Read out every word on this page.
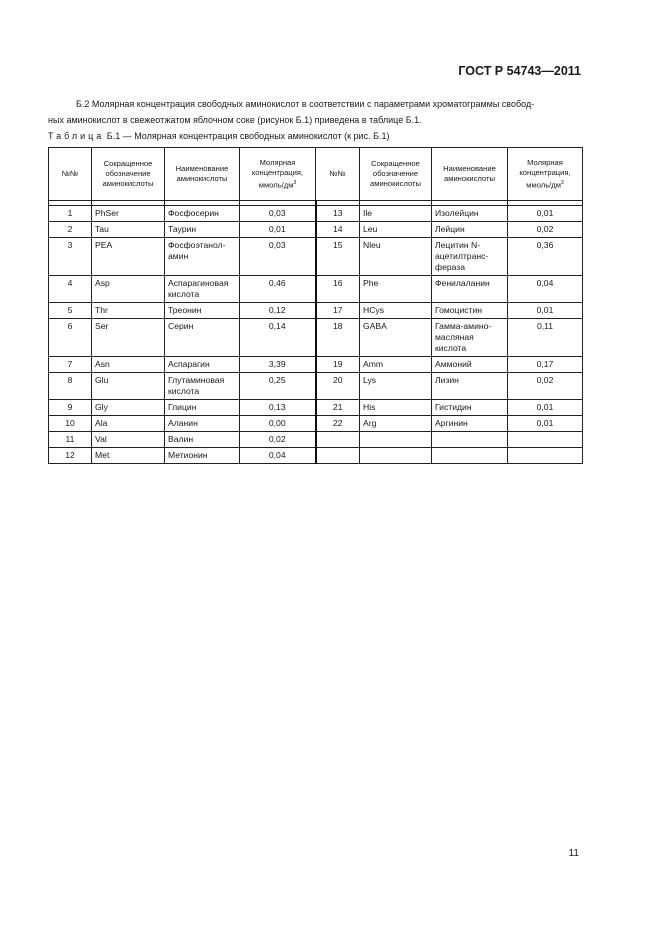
ГОСТ Р 54743—2011
Б.2 Молярная концентрация свободных аминокислот в соответствии с параметрами хроматограммы свобод-
ных аминокислот в свежеотжатом яблочном соке (рисунок Б.1) приведена в таблице Б.1.
Таблица Б.1 — Молярная концентрация свободных аминокислот (к рис. Б.1)
№№	Сокращенное обозначение аминокислоты	Наименование аминокислоты	Молярная концентрация, ммоль/$дм^3$	№№	Сокращенное обозначение аминокислоты	Наименование аминокислоты	Молярная концентрация, ммоль/$дм^3$

1	PhSer	Фосфосерин	0,03	13	Ile	Изолейцин	0,01
2	Tau	Таурин	0,01	14	Leu	Лейцин	0,02
3	PEA	Фосфоэтанол-амин	0,03	15	Nleu	Лецитин N-ацетилтранс-фераза	0,36
4	Asp	Аспарагиновая кислота	0,46	16	Phe	Фенилаланин	0,04
5	Thr	Треонин	0,12	17	HCys	Гомоцистин	0,01
6	Ser	Серин	0,14	18	GABA	Гамма-амино-масляная кислота	0,11
7	Asn	Аспарагин	3,39	19	Amm	Аммоний	0,17
8	Glu	Глутаминовая кислота	0,25	20	Lys	Лизин	0,02
9	Gly	Глицин	0,13	21	His	Гистидин	0,01
10	Ala	Аланин	0,00	22	Arg	Аргинин	0,01
11	Val	Валин	0,02				
12	Met	Метионин	0,04				
11
